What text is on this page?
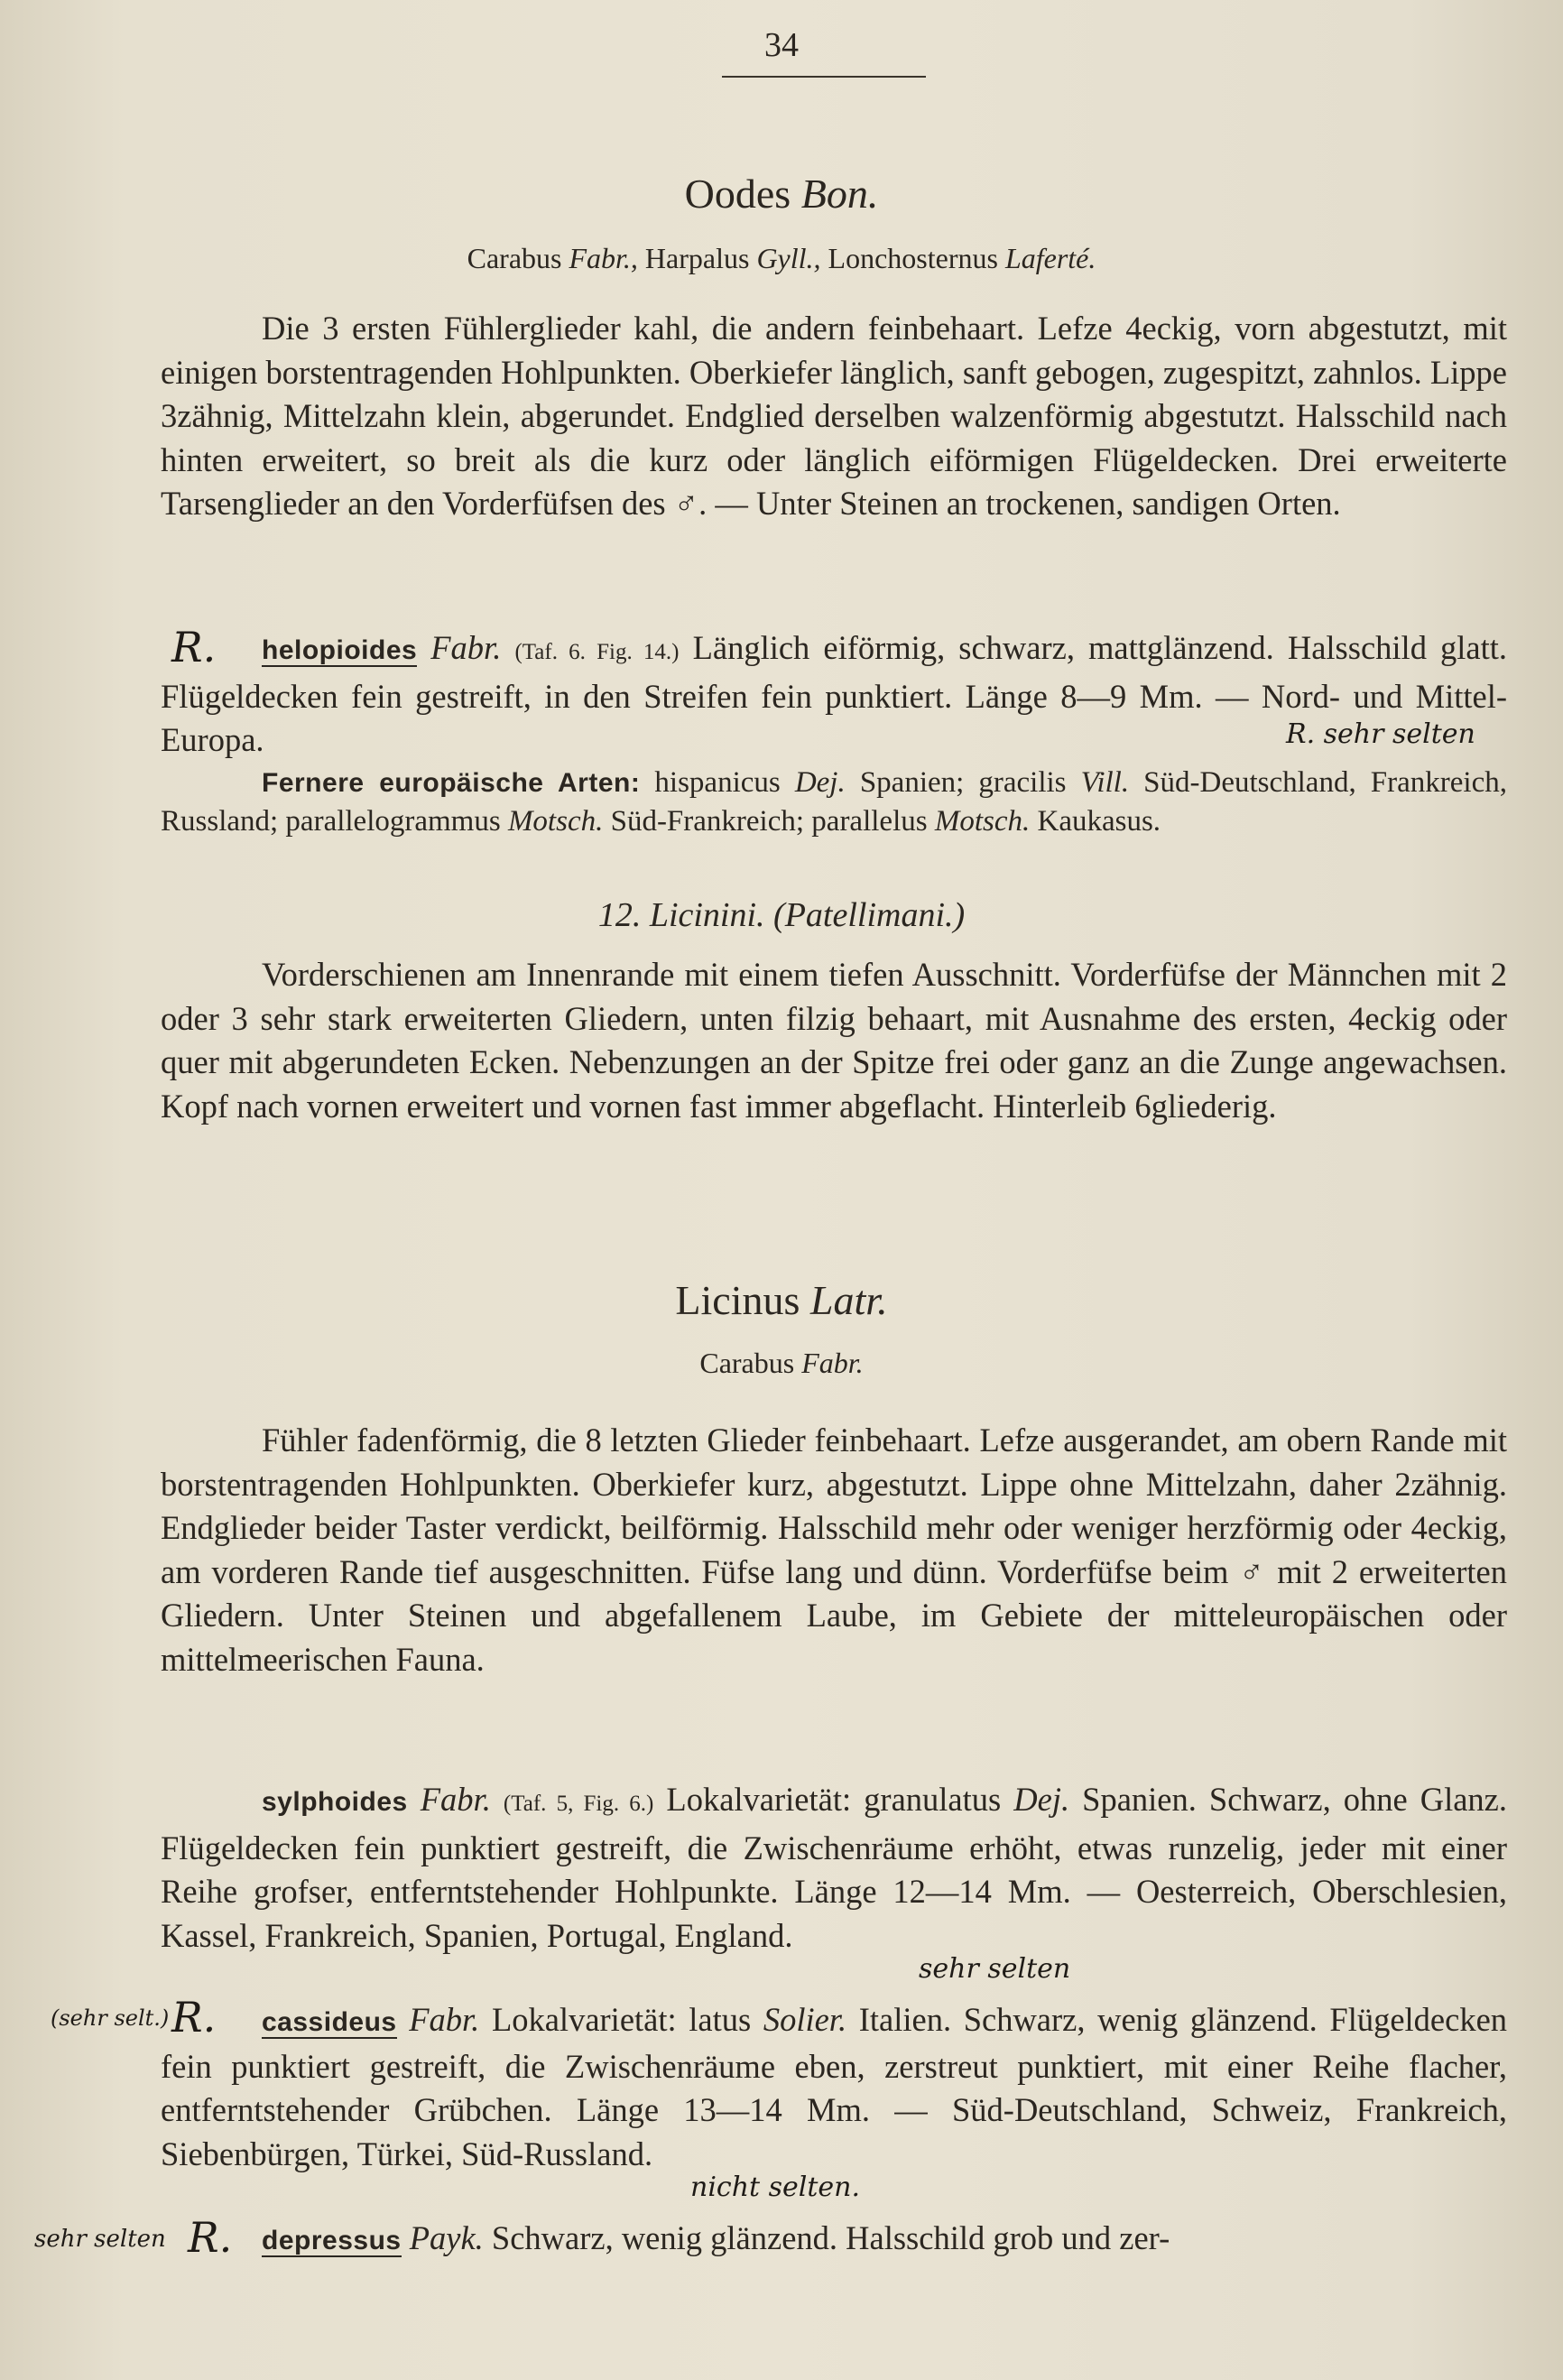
34
Oodes Bon.
Carabus Fabr., Harpalus Gyll., Lonchosternus Laferté.
Die 3 ersten Fühlerglieder kahl, die andern feinbehaart. Lefze 4eckig, vorn abgestutzt, mit einigen borstentragenden Hohlpunkten. Oberkiefer länglich, sanft gebogen, zugespitzt, zahnlos. Lippe 3zähnig, Mittelzahn klein, abgerundet. Endglied derselben walzenförmig abgestutzt. Halsschild nach hinten erweitert, so breit als die kurz oder länglich eiförmigen Flügeldecken. Drei erweiterte Tarsenglieder an den Vorderfüfsen des ♂. — Unter Steinen an trockenen, sandigen Orten.
helopioides Fabr. (Taf. 6. Fig. 14.) Länglich eiförmig, schwarz, mattglänzend. Halsschild glatt. Flügeldecken fein gestreift, in den Streifen fein punktiert. Länge 8—9 Mm. — Nord- und Mittel-Europa.
R.
R. sehr selten
Fernere europäische Arten: hispanicus Dej. Spanien; gracilis Vill. Süd-Deutschland, Frankreich, Russland; parallelogrammus Motsch. Süd-Frankreich; parallelus Motsch. Kaukasus.
12. Licinini. (Patellimani.)
Vorderschienen am Innenrande mit einem tiefen Ausschnitt. Vorderfüfse der Männchen mit 2 oder 3 sehr stark erweiterten Gliedern, unten filzig behaart, mit Ausnahme des ersten, 4eckig oder quer mit abgerundeten Ecken. Nebenzungen an der Spitze frei oder ganz an die Zunge angewachsen. Kopf nach vornen erweitert und vornen fast immer abgeflacht. Hinterleib 6gliederig.
Licinus Latr.
Carabus Fabr.
Fühler fadenförmig, die 8 letzten Glieder feinbehaart. Lefze ausgerandet, am obern Rande mit borstentragenden Hohlpunkten. Oberkiefer kurz, abgestutzt. Lippe ohne Mittelzahn, daher 2zähnig. Endglieder beider Taster verdickt, beilförmig. Halsschild mehr oder weniger herzförmig oder 4eckig, am vorderen Rande tief ausgeschnitten. Füfse lang und dünn. Vorderfüfse beim ♂ mit 2 erweiterten Gliedern. Unter Steinen und abgefallenem Laube, im Gebiete der mitteleuropäischen oder mittelmeerischen Fauna.
sylphoides Fabr. (Taf. 5, Fig. 6.) Lokalvarietät: granulatus Dej. Spanien. Schwarz, ohne Glanz. Flügeldecken fein punktiert gestreift, die Zwischenräume erhöht, etwas runzelig, jeder mit einer Reihe grofser, entferntstehender Hohlpunkte. Länge 12—14 Mm. — Oesterreich, Oberschlesien, Kassel, Frankreich, Spanien, Portugal, England.
sehr selten
cassideus Fabr. Lokalvarietät: latus Solier. Italien. Schwarz, wenig glänzend. Flügeldecken fein punktiert gestreift, die Zwischenräume eben, zerstreut punktiert, mit einer Reihe flacher, entferntstehender Grübchen. Länge 13—14 Mm. — Süd-Deutschland, Schweiz, Frankreich, Siebenbürgen, Türkei, Süd-Russland.
(sehr selt.) R.
nicht selten.
depressus Payk. Schwarz, wenig glänzend. Halsschild grob und zer-
sehr selten R.
